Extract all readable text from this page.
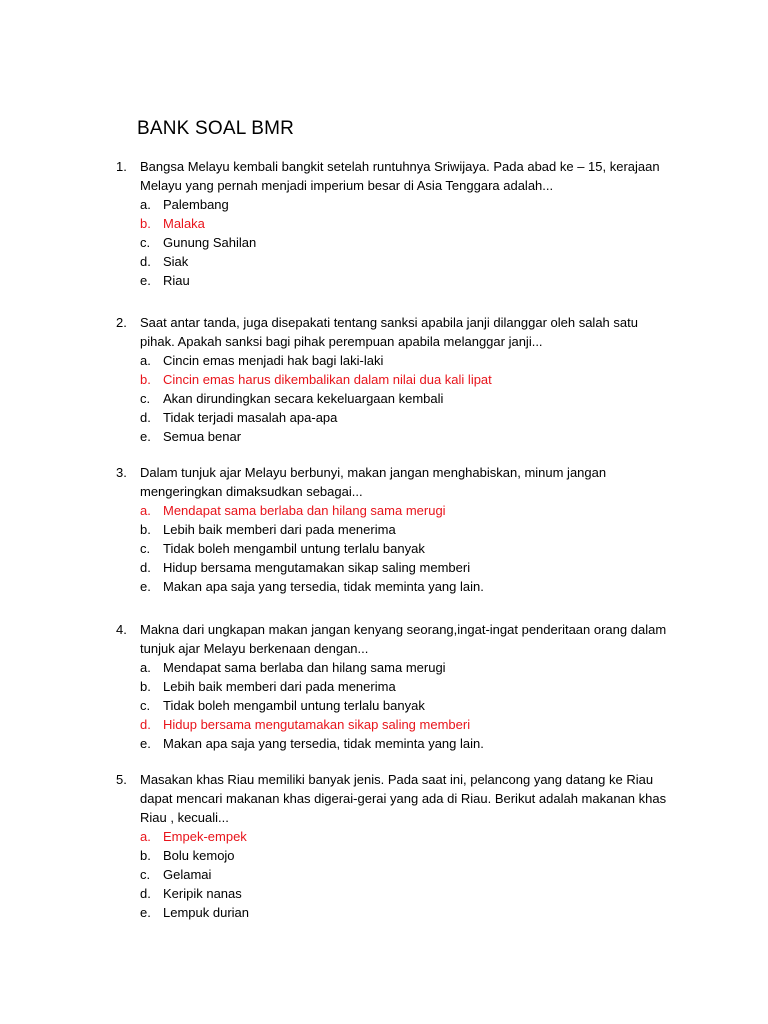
BANK SOAL BMR
1. Bangsa Melayu kembali bangkit setelah runtuhnya Sriwijaya. Pada abad ke – 15, kerajaan Melayu yang pernah menjadi imperium besar di Asia Tenggara adalah...
a. Palembang
b. Malaka
c. Gunung Sahilan
d. Siak
e. Riau
2. Saat antar tanda, juga disepakati tentang sanksi apabila janji dilanggar oleh salah satu pihak. Apakah sanksi bagi pihak perempuan apabila melanggar janji...
a. Cincin emas menjadi hak bagi laki-laki
b. Cincin emas harus dikembalikan dalam nilai dua kali lipat
c. Akan dirundingkan secara kekeluargaan kembali
d. Tidak terjadi masalah apa-apa
e. Semua benar
3. Dalam tunjuk ajar Melayu berbunyi, makan jangan menghabiskan, minum jangan mengeringkan dimaksudkan sebagai...
a. Mendapat sama berlaba dan hilang sama merugi
b. Lebih baik memberi dari pada menerima
c. Tidak boleh mengambil untung terlalu banyak
d. Hidup bersama mengutamakan sikap saling memberi
e. Makan apa saja yang tersedia, tidak meminta yang lain.
4. Makna dari ungkapan makan jangan kenyang seorang,ingat-ingat penderitaan orang dalam tunjuk ajar Melayu berkenaan dengan...
a. Mendapat sama berlaba dan hilang sama merugi
b. Lebih baik memberi dari pada menerima
c. Tidak boleh mengambil untung terlalu banyak
d. Hidup bersama mengutamakan sikap saling memberi
e. Makan apa saja yang tersedia, tidak meminta yang lain.
5. Masakan khas Riau memiliki banyak jenis. Pada saat ini, pelancong yang datang ke Riau dapat mencari makanan khas digerai-gerai yang ada di Riau. Berikut adalah makanan khas Riau , kecuali...
a. Empek-empek
b. Bolu kemojo
c. Gelamai
d. Keripik nanas
e. Lempuk durian
